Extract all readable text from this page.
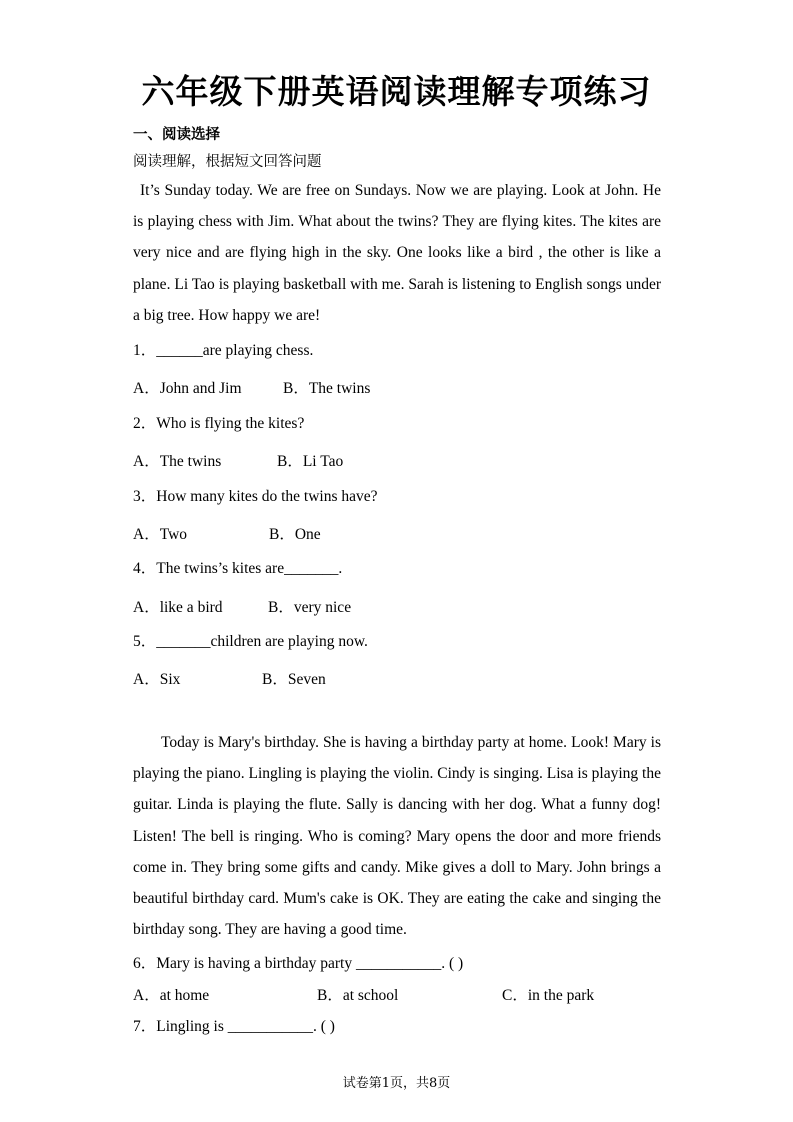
六年级下册英语阅读理解专项练习
一、阅读选择
阅读理解，根据短文回答问题
It’s Sunday today. We are free on Sundays. Now we are playing. Look at John. He is playing chess with Jim. What about the twins? They are flying kites. The kites are very nice and are flying high in the sky. One looks like a bird , the other is like a plane. Li Tao is playing basketball with me. Sarah is listening to English songs under a big tree. How happy we are!
1．______are playing chess.
A．John and Jim	B．The twins
2．Who is flying the kites?
A．The twins	B．Li Tao
3．How many kites do the twins have?
A．Two	B．One
4．The twins’s kites are_______.
A．like a bird	B．very nice
5．_______children are playing now.
A．Six	B．Seven
Today is Mary's birthday. She is having a birthday party at home. Look! Mary is playing the piano. Lingling is playing the violin. Cindy is singing. Lisa is playing the guitar. Linda is playing the flute. Sally is dancing with her dog. What a funny dog! Listen! The bell is ringing. Who is coming? Mary opens the door and more friends come in. They bring some gifts and candy. Mike gives a doll to Mary. John brings a beautiful birthday card. Mum's cake is OK. They are eating the cake and singing the birthday song. They are having a good time.
6．Mary is having a birthday party ___________. ( )
A．at home	B．at school	C．in the park
7．Lingling is ___________. ( )
试卷第1页，共8页
